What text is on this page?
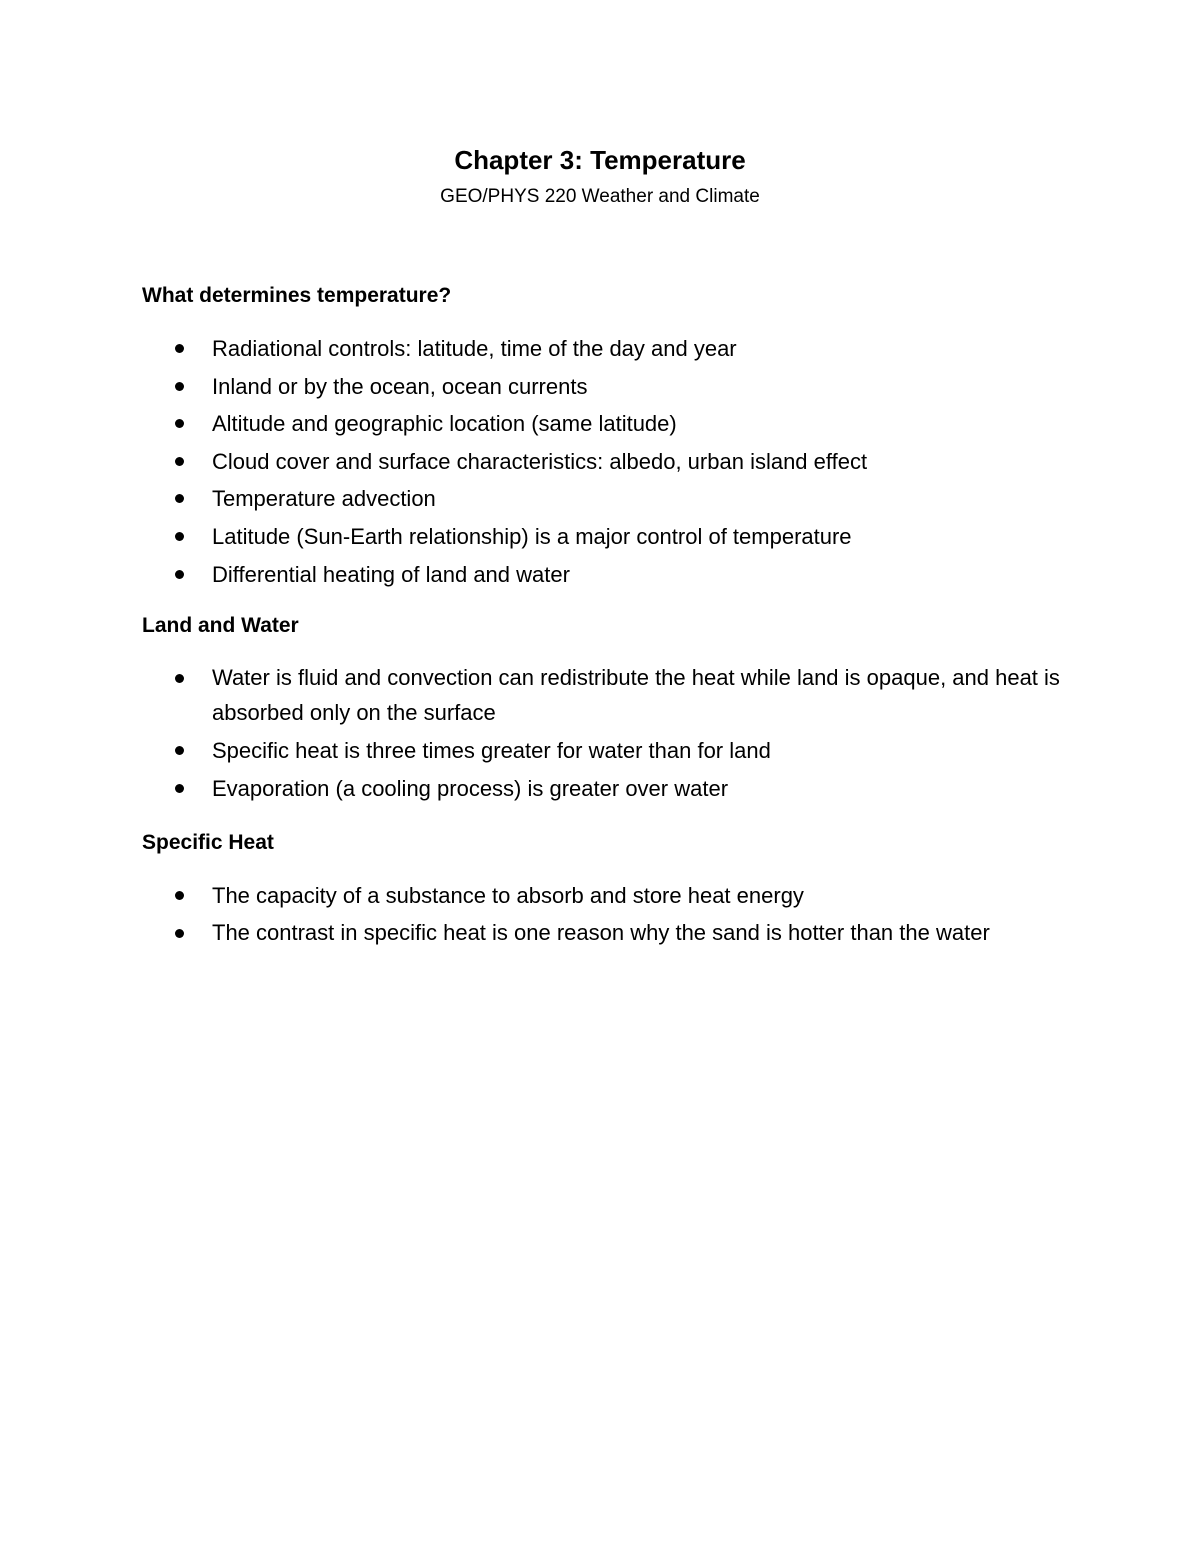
Chapter 3: Temperature
GEO/PHYS 220 Weather and Climate
What determines temperature?
Radiational controls: latitude, time of the day and year
Inland or by the ocean, ocean currents
Altitude and geographic location (same latitude)
Cloud cover and surface characteristics: albedo, urban island effect
Temperature advection
Latitude (Sun-Earth relationship) is a major control of temperature
Differential heating of land and water
Land and Water
Water is fluid and convection can redistribute the heat while land is opaque, and heat is absorbed only on the surface
Specific heat is three times greater for water than for land
Evaporation (a cooling process) is greater over water
Specific Heat
The capacity of a substance to absorb and store heat energy
The contrast in specific heat is one reason why the sand is hotter than the water
